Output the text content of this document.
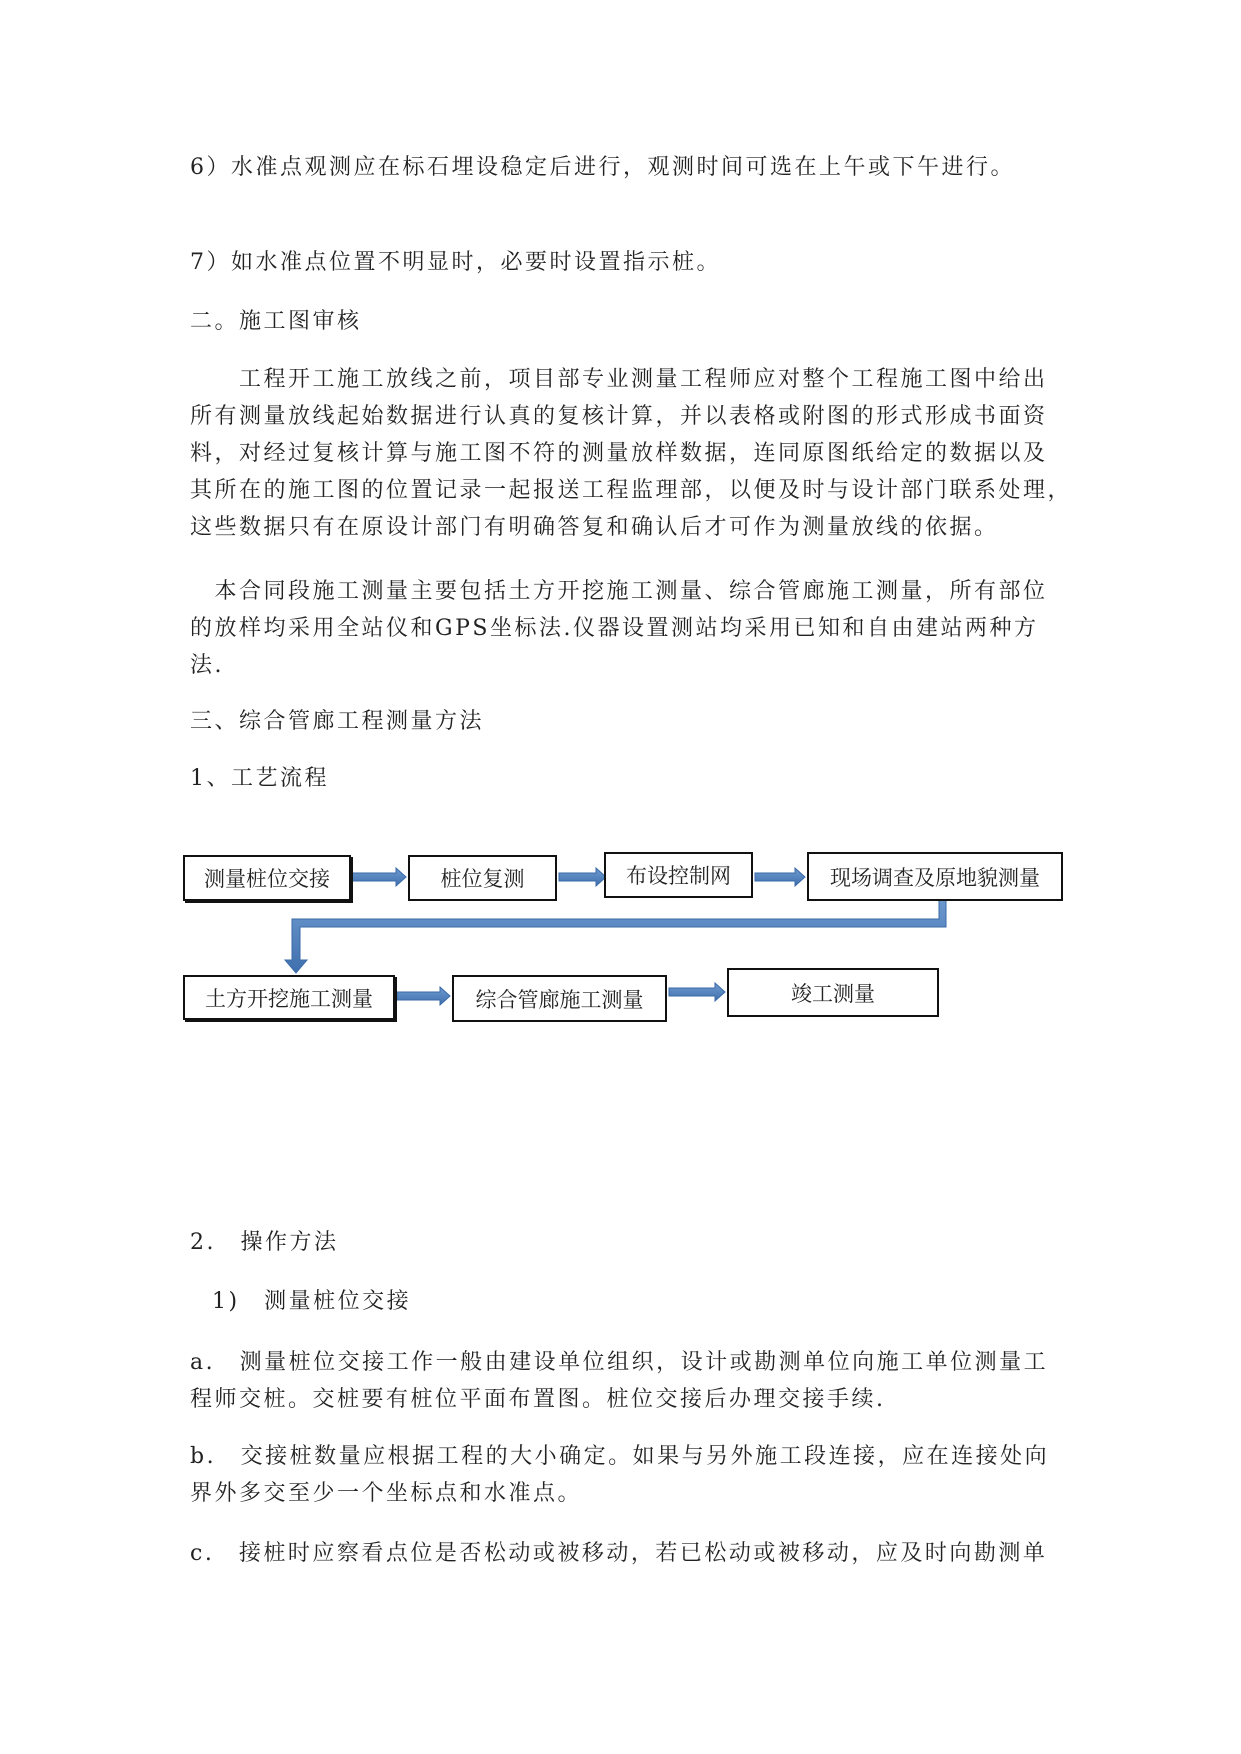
6）水准点观测应在标石埋设稳定后进行，观测时间可选在上午或下午进行。
7）如水准点位置不明显时，必要时设置指示桩。
二。施工图审核
　　工程开工施工放线之前，项目部专业测量工程师应对整个工程施工图中给出
所有测量放线起始数据进行认真的复核计算，并以表格或附图的形式形成书面资
料，对经过复核计算与施工图不符的测量放样数据，连同原图纸给定的数据以及
其所在的施工图的位置记录一起报送工程监理部，以便及时与设计部门联系处理，
这些数据只有在原设计部门有明确答复和确认后才可作为测量放线的依据。
　本合同段施工测量主要包括土方开挖施工测量、综合管廊施工测量，所有部位
的放样均采用全站仪和GPS坐标法.仪器设置测站均采用已知和自由建站两种方
法.
三、综合管廊工程测量方法
1、工艺流程
测量桩位交接	桩位复测	布设控制网	现场调查及原地貌测量
土方开挖施工测量	综合管廊施工测量	竣工测量
2.　操作方法
1)　测量桩位交接
a.　测量桩位交接工作一般由建设单位组织，设计或勘测单位向施工单位测量工
程师交桩。交桩要有桩位平面布置图。桩位交接后办理交接手续.
b.　交接桩数量应根据工程的大小确定。如果与另外施工段连接，应在连接处向
界外多交至少一个坐标点和水准点。
c.　接桩时应察看点位是否松动或被移动，若已松动或被移动，应及时向勘测单
